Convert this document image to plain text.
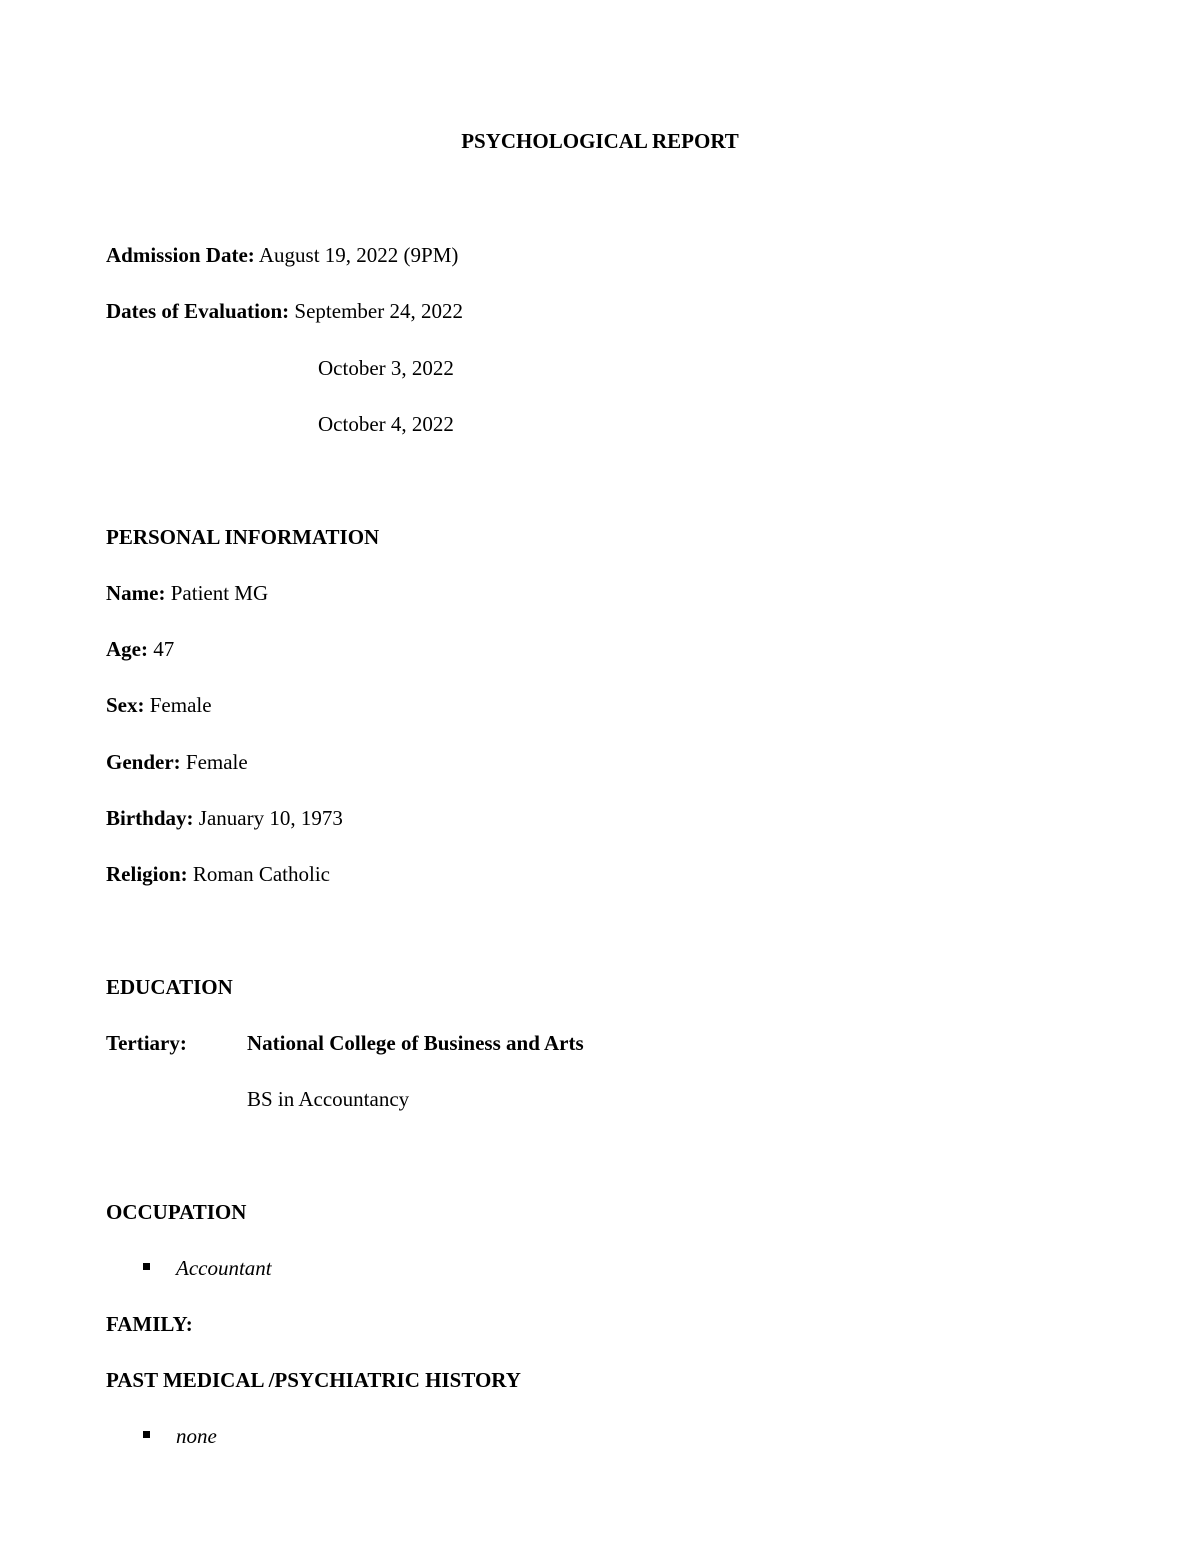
PSYCHOLOGICAL REPORT
Admission Date: August 19, 2022 (9PM)
Dates of Evaluation: September 24, 2022
October 3, 2022
October 4, 2022
PERSONAL INFORMATION
Name: Patient MG
Age: 47
Sex: Female
Gender: Female
Birthday: January 10, 1973
Religion: Roman Catholic
EDUCATION
Tertiary:	National College of Business and Arts
BS in Accountancy
OCCUPATION
Accountant
FAMILY:
PAST MEDICAL /PSYCHIATRIC HISTORY
none
